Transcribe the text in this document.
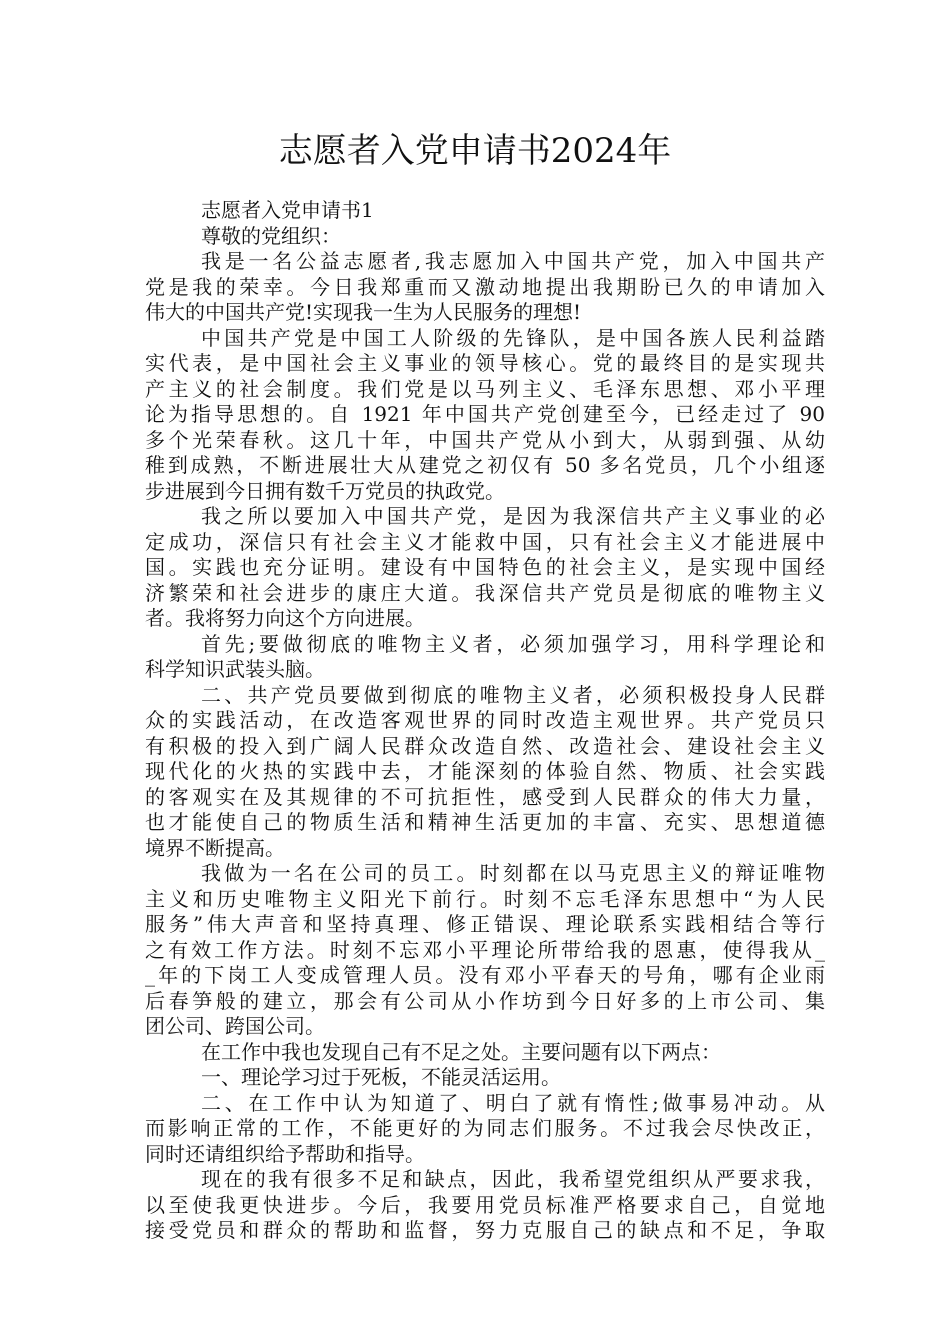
志愿者入党申请书2024年

志愿者入党申请书1

尊敬的党组织：

我是一名公益志愿者,我志愿加入中国共产党，加入中国共产

党是我的荣幸。今日我郑重而又激动地提出我期盼已久的申请加入

伟大的中国共产党!实现我一生为人民服务的理想!

中国共产党是中国工人阶级的先锋队，是中国各族人民利益踏

实代表，是中国社会主义事业的领导核心。党的最终目的是实现共

产主义的社会制度。我们党是以马列主义、毛泽东思想、邓小平理

论为指导思想的。自 1921 年中国共产党创建至今，已经走过了 90

多个光荣春秋。这几十年，中国共产党从小到大，从弱到强、从幼

稚到成熟，不断进展壮大从建党之初仅有 50 多名党员，几个小组逐

步进展到今日拥有数千万党员的执政党。

我之所以要加入中国共产党，是因为我深信共产主义事业的必

定成功，深信只有社会主义才能救中国，只有社会主义才能进展中

国。实践也充分证明。建设有中国特色的社会主义，是实现中国经

济繁荣和社会进步的康庄大道。我深信共产党员是彻底的唯物主义

者。我将努力向这个方向进展。

首先;要做彻底的唯物主义者，必须加强学习，用科学理论和

科学知识武装头脑。

二、共产党员要做到彻底的唯物主义者，必须积极投身人民群

众的实践活动，在改造客观世界的同时改造主观世界。共产党员只

有积极的投入到广阔人民群众改造自然、改造社会、建设社会主义

现代化的火热的实践中去，才能深刻的体验自然、物质、社会实践

的客观实在及其规律的不可抗拒性，感受到人民群众的伟大力量，

也才能使自己的物质生活和精神生活更加的丰富、充实、思想道德

境界不断提高。

我做为一名在公司的员工。时刻都在以马克思主义的辩证唯物

主义和历史唯物主义阳光下前行。时刻不忘毛泽东思想中“为人民

服务”伟大声音和坚持真理、修正错误、理论联系实践相结合等行

之有效工作方法。时刻不忘邓小平理论所带给我的恩惠，使得我从_

_年的下岗工人变成管理人员。没有邓小平春天的号角，哪有企业雨

后春笋般的建立，那会有公司从小作坊到今日好多的上市公司、集

团公司、跨国公司。

在工作中我也发现自己有不足之处。主要问题有以下两点：

一、理论学习过于死板，不能灵活运用。

二、在工作中认为知道了、明白了就有惰性;做事易冲动。从

而影响正常的工作，不能更好的为同志们服务。不过我会尽快改正，

同时还请组织给予帮助和指导。

现在的我有很多不足和缺点，因此，我希望党组织从严要求我，

以至使我更快进步。今后，我要用党员标准严格要求自己，自觉地

接受党员和群众的帮助和监督，努力克服自己的缺点和不足，争取
